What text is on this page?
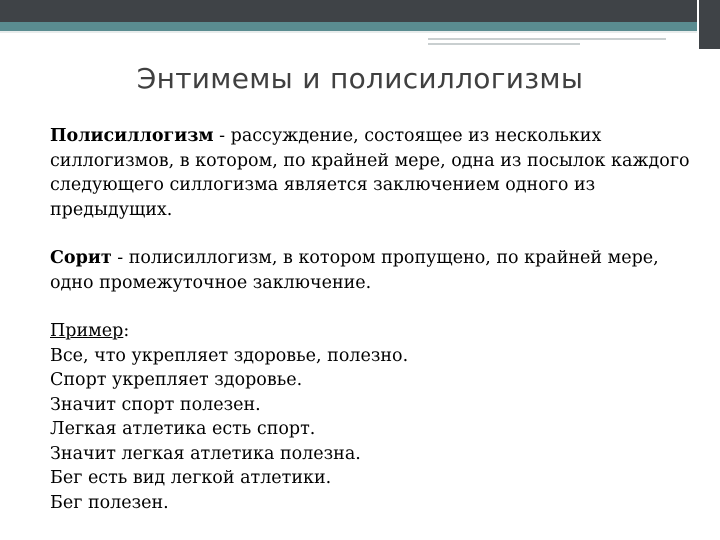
Энтимемы и полисиллогизмы

Полисиллогизм - рассуждение, состоящее из нескольких силлогизмов, в котором, по крайней мере, одна из посылок каждого следующего силлогизма является заключением одного из предыдущих.

Сорит - полисиллогизм, в котором пропущено, по крайней мере, одно промежуточное заключение.

Пример:

Все, что укрепляет здоровье, полезно.
Спорт укрепляет здоровье.
Значит спорт полезен.
Легкая атлетика есть спорт.
Значит легкая атлетика полезна.
Бег есть вид легкой атлетики.
Бег полезен.
